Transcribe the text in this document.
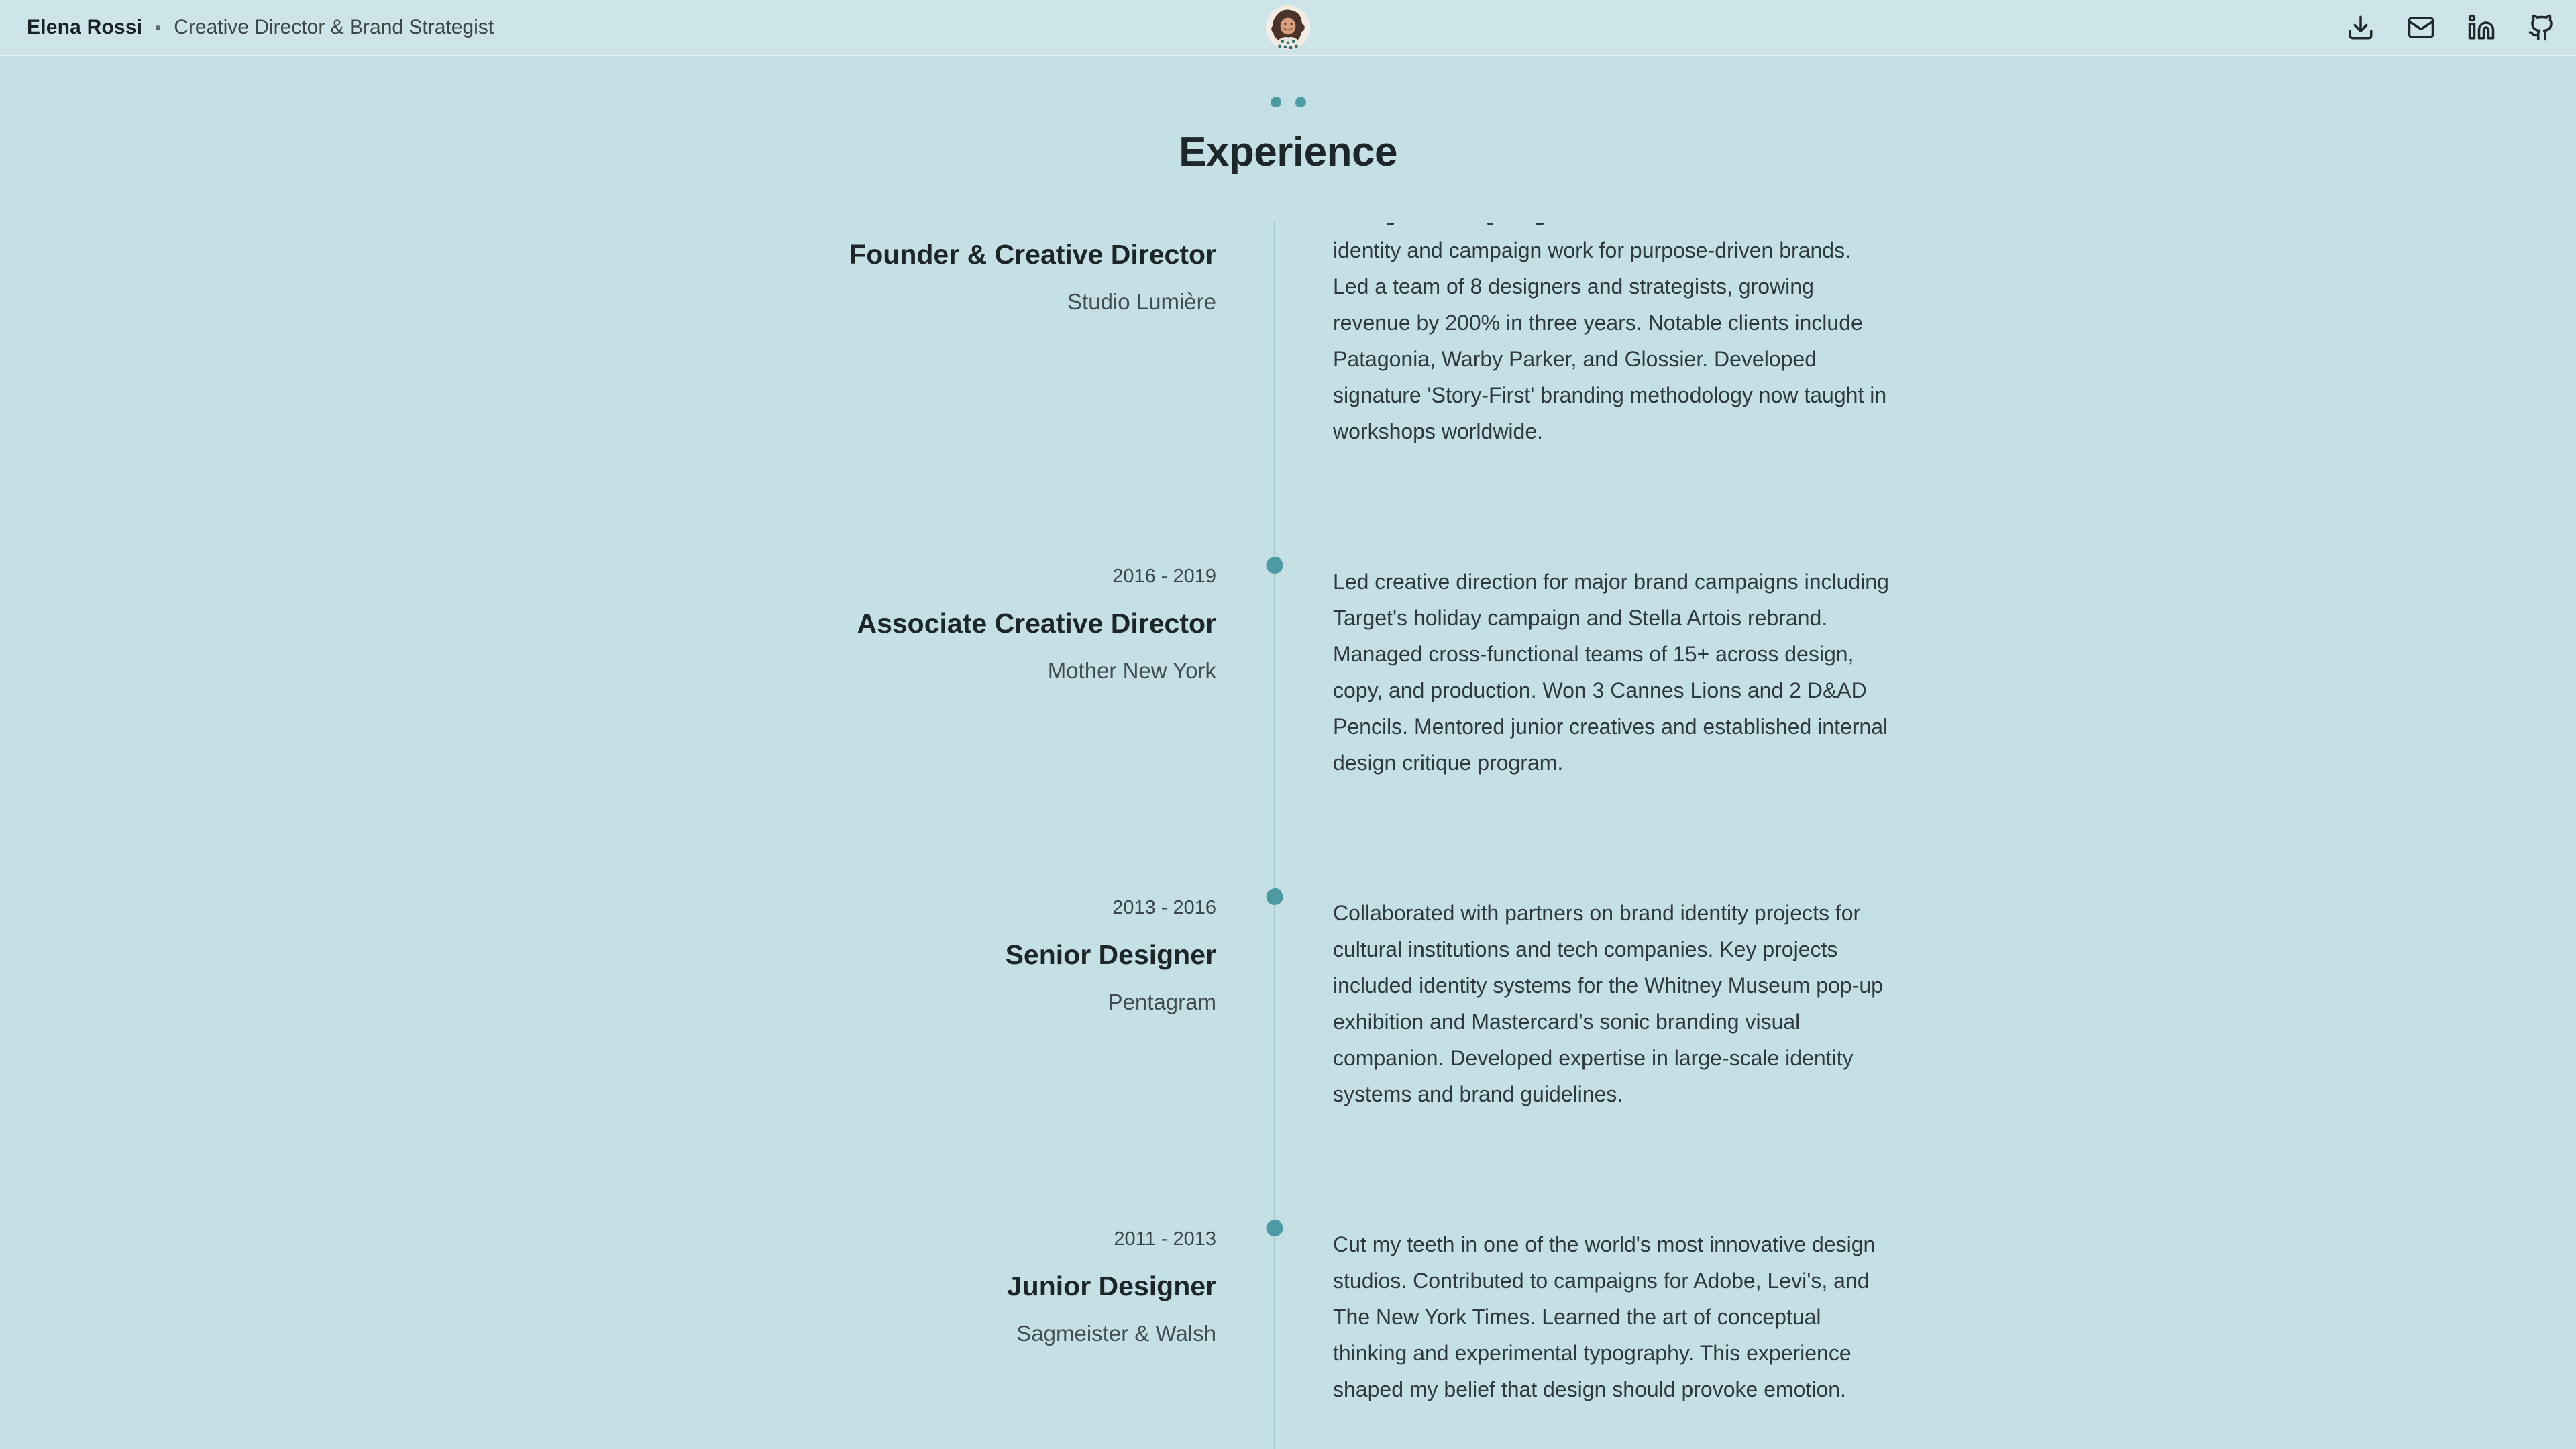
Elena Rossi Creative Director & Brand Strategist
Experience
Founder & Creative Director
Studio Lumière

identity and campaign work for purpose-driven brands. Led a team of 8 designers and strategists, growing revenue by 200% in three years. Notable clients include Patagonia, Warby Parker, and Glossier. Developed signature 'Story-First' branding methodology now taught in workshops worldwide.

2016 - 2019
Associate Creative Director
Mother New York

Led creative direction for major brand campaigns including Target's holiday campaign and Stella Artois rebrand. Managed cross-functional teams of 15+ across design, copy, and production. Won 3 Cannes Lions and 2 D&AD Pencils. Mentored junior creatives and established internal design critique program.

2013 - 2016
Senior Designer
Pentagram

Collaborated with partners on brand identity projects for cultural institutions and tech companies. Key projects included identity systems for the Whitney Museum pop-up exhibition and Mastercard's sonic branding visual companion. Developed expertise in large-scale identity systems and brand guidelines.

2011 - 2013
Junior Designer
Sagmeister & Walsh

Cut my teeth in one of the world's most innovative design studios. Contributed to campaigns for Adobe, Levi's, and The New York Times. Learned the art of conceptual thinking and experimental typography. This experience shaped my belief that design should provoke emotion.
